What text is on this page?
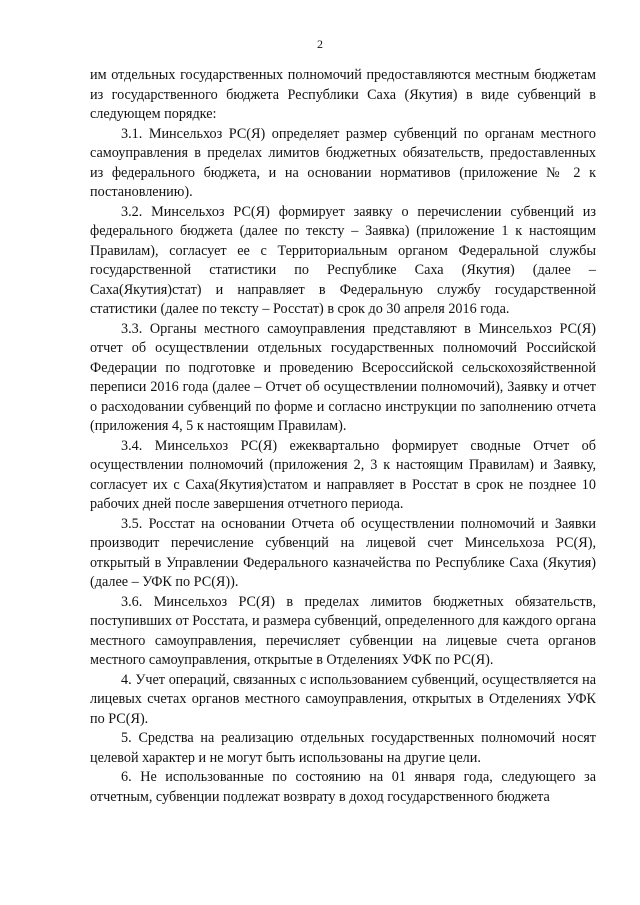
2

им отдельных государственных полномочий предоставляются местным бюджетам из государственного бюджета Республики Саха (Якутия) в виде субвенций в следующем порядке:

3.1. Минсельхоз РС(Я) определяет размер субвенций по органам местного самоуправления в пределах лимитов бюджетных обязательств, предоставленных из федерального бюджета, и на основании нормативов (приложение № 2 к постановлению).

3.2. Минсельхоз РС(Я) формирует заявку о перечислении субвенций из федерального бюджета (далее по тексту – Заявка) (приложение 1 к настоящим Правилам), согласует ее с Территориальным органом Федеральной службы государственной статистики по Республике Саха (Якутия) (далее – Саха(Якутия)стат) и направляет в Федеральную службу государственной статистики (далее по тексту – Росстат) в срок до 30 апреля 2016 года.

3.3. Органы местного самоуправления представляют в Минсельхоз РС(Я) отчет об осуществлении отдельных государственных полномочий Российской Федерации по подготовке и проведению Всероссийской сельскохозяйственной переписи 2016 года (далее – Отчет об осуществлении полномочий), Заявку и отчет о расходовании субвенций по форме и согласно инструкции по заполнению отчета (приложения 4, 5 к настоящим Правилам).

3.4. Минсельхоз РС(Я) ежеквартально формирует сводные Отчет об осуществлении полномочий (приложения 2, 3 к настоящим Правилам) и Заявку, согласует их с Саха(Якутия)статом и направляет в Росстат в срок не позднее 10 рабочих дней после завершения отчетного периода.

3.5. Росстат на основании Отчета об осуществлении полномочий и Заявки производит перечисление субвенций на лицевой счет Минсельхоза РС(Я), открытый в Управлении Федерального казначейства по Республике Саха (Якутия) (далее – УФК по РС(Я)).

3.6. Минсельхоз РС(Я) в пределах лимитов бюджетных обязательств, поступивших от Росстата, и размера субвенций, определенного для каждого органа местного самоуправления, перечисляет субвенции на лицевые счета органов местного самоуправления, открытые в Отделениях УФК по РС(Я).

4. Учет операций, связанных с использованием субвенций, осуществляется на лицевых счетах органов местного самоуправления, открытых в Отделениях УФК по РС(Я).

5. Средства на реализацию отдельных государственных полномочий носят целевой характер и не могут быть использованы на другие цели.

6. Не использованные по состоянию на 01 января года, следующего за отчетным, субвенции подлежат возврату в доход государственного бюджета
